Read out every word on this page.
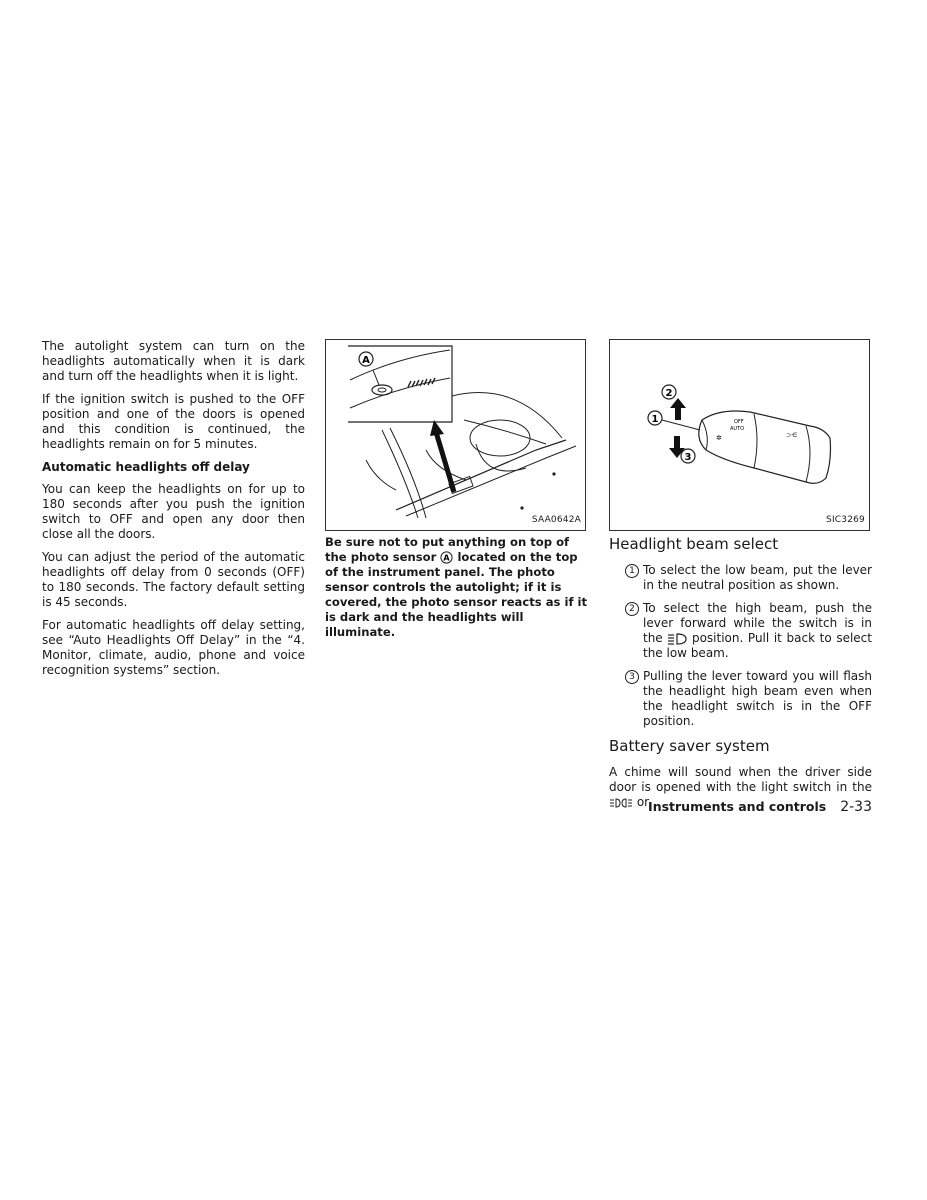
The autolight system can turn on the headlights automatically when it is dark and turn off the headlights when it is light.

If the ignition switch is pushed to the OFF position and one of the doors is opened and this condition is continued, the headlights remain on for 5 minutes.

Automatic headlights off delay

You can keep the headlights on for up to 180 seconds after you push the ignition switch to OFF and open any door then close all the doors.

You can adjust the period of the automatic headlights off delay from 0 seconds (OFF) to 180 seconds. The factory default setting is 45 seconds.

For automatic headlights off delay setting, see “Auto Headlights Off Delay” in the “4. Monitor, climate, audio, phone and voice recognition systems” section.

A
SAA0642A
Be sure not to put anything on top of the photo sensor A located on the top of the instrument panel. The photo sensor controls the autolight; if it is covered, the photo sensor reacts as if it is dark and the headlights will illuminate.
OFF
AUTO
✲	⊃⋲
1
2
3
SIC3269
Headlight beam select
1 To select the low beam, put the lever in the neutral position as shown.
2 To select the high beam, push the lever forward while the switch is in the position. Pull it back to select the low beam.
3 Pulling the lever toward you will flash the headlight high beam even when the headlight switch is in the OFF position.
Battery saver system

A chime will sound when the driver side door is opened with the light switch in the  or

Instruments and controls 2-33
